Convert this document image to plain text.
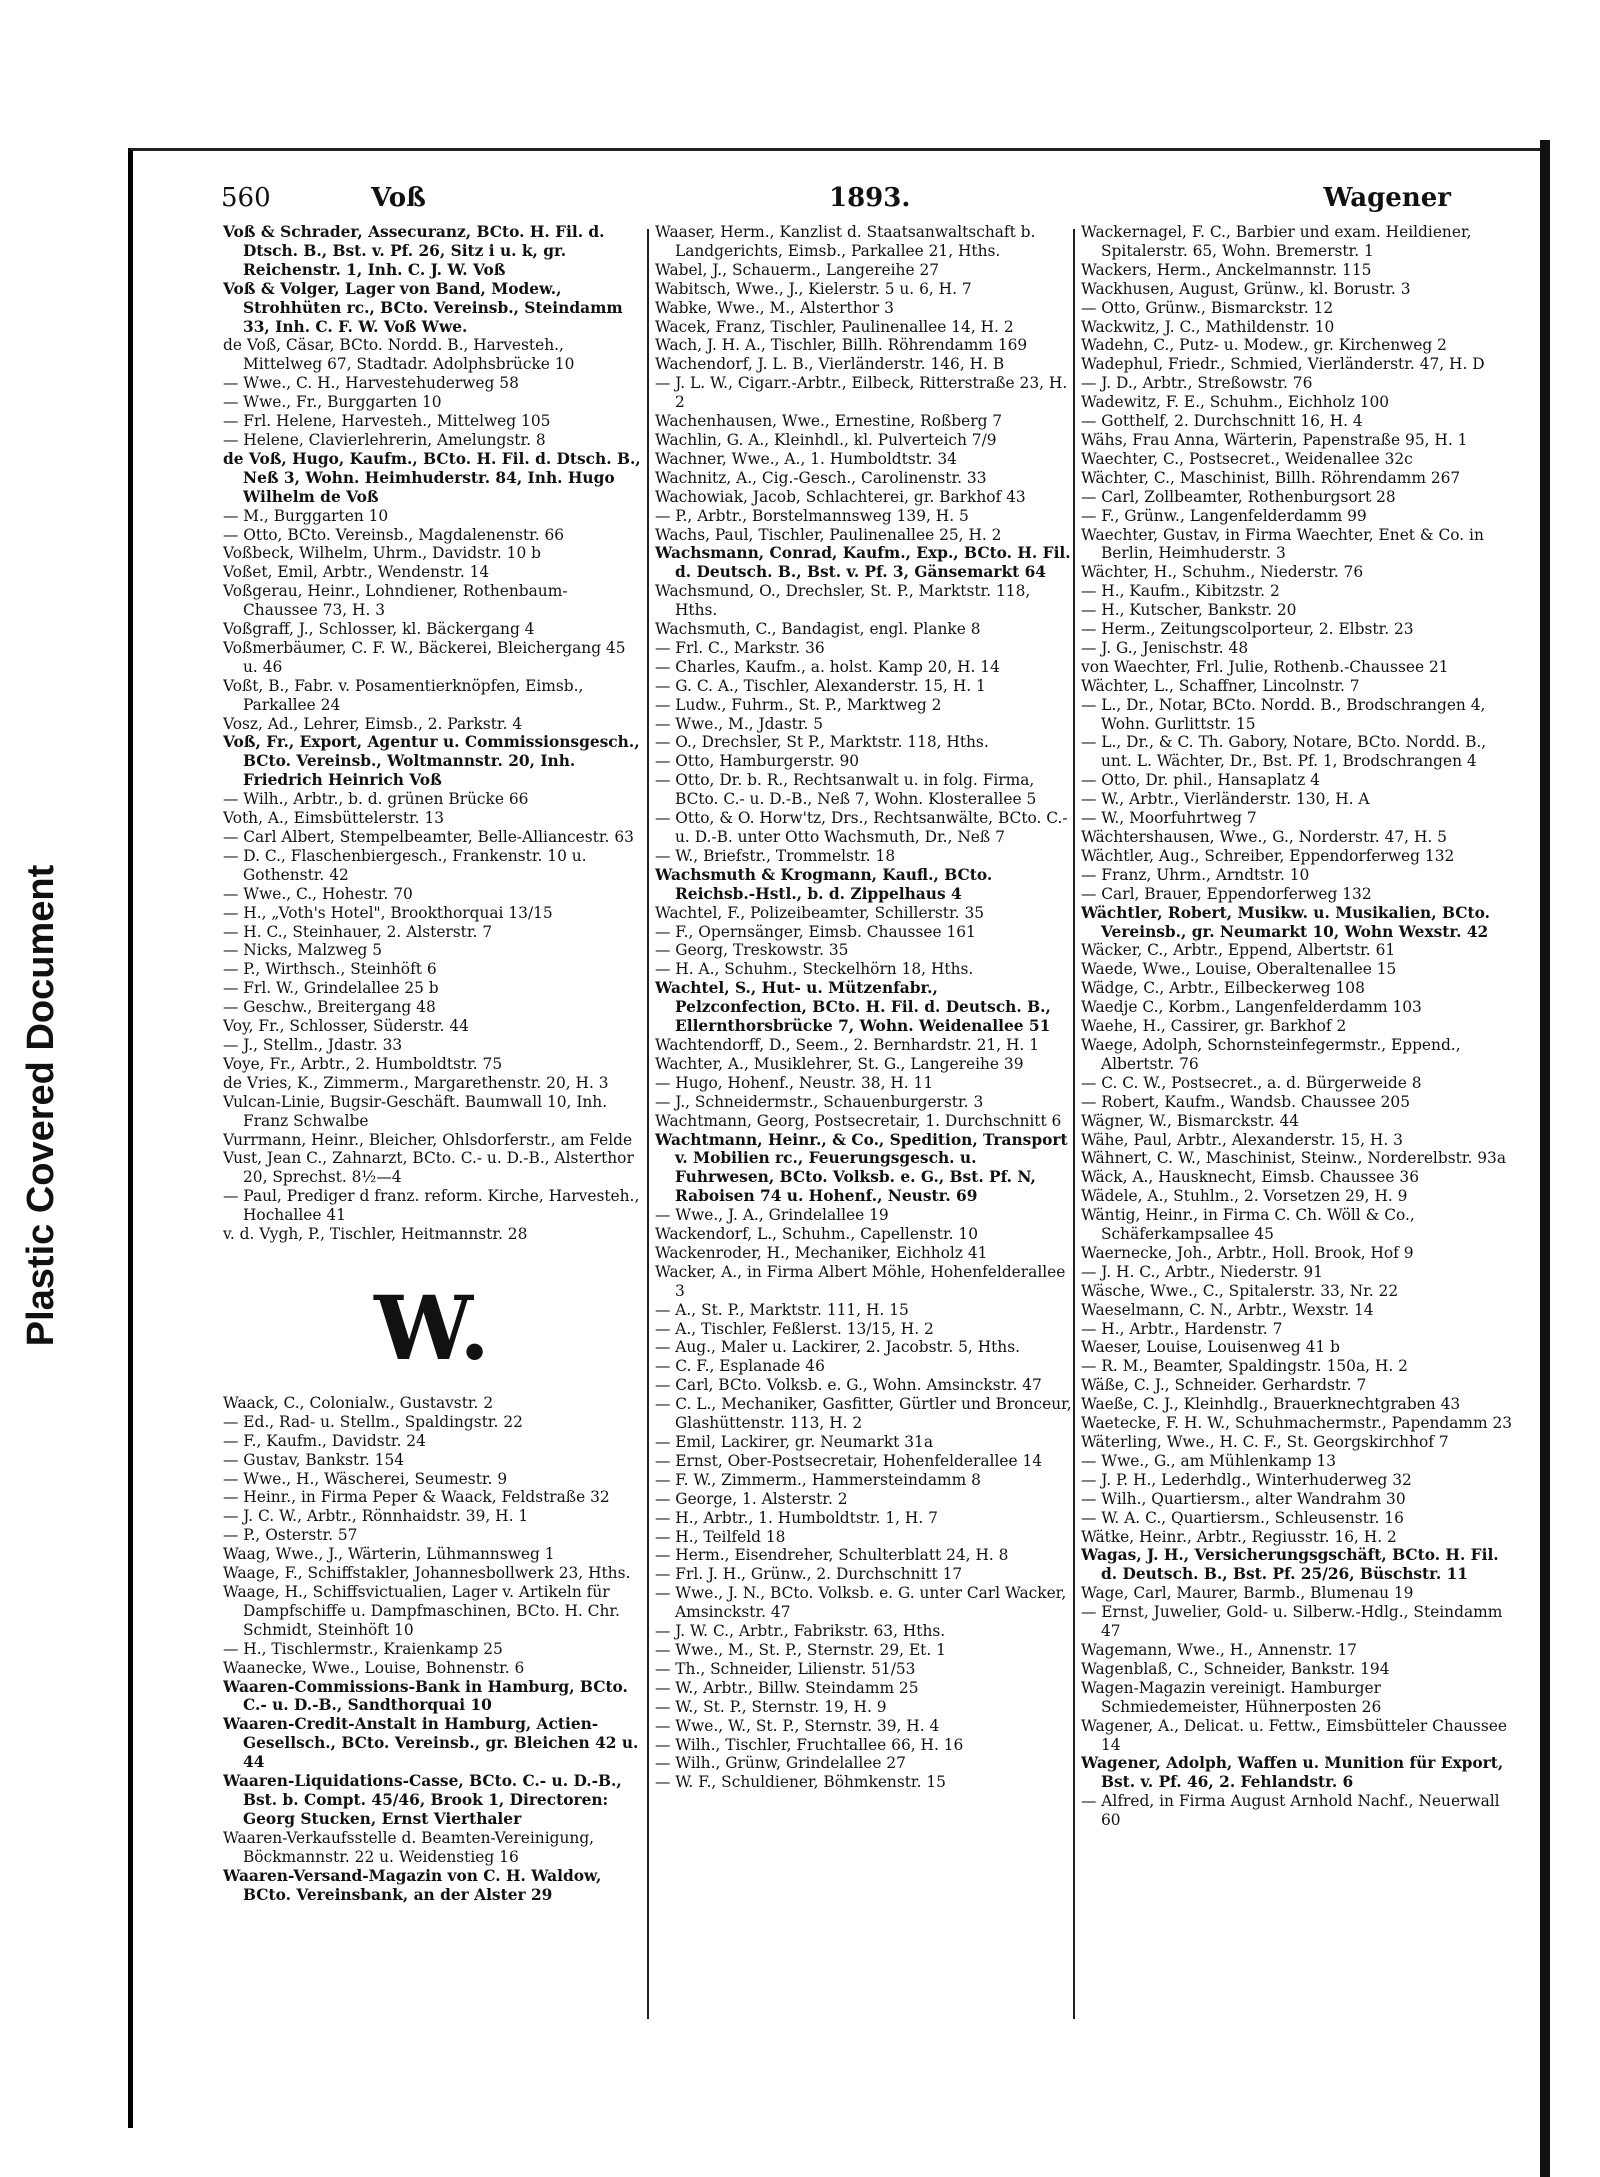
Plastic Covered Document
560	Voß	1893.	Wagener

Voß & Schrader, Assecuranz, BCto. H. Fil. d. Dtsch. B., Bst. v. Pf. 26, Sitz i u. k, gr. Reichenstr. 1, Inh. C. J. W. Voß

Voß & Volger, Lager von Band, Modew., Strohhüten rc., BCto. Vereinsb., Steindamm 33, Inh. C. F. W. Voß Wwe.

de Voß, Cäsar, BCto. Nordd. B., Harvesteh., Mittelweg 67, Stadtadr. Adolphsbrücke 10

— Wwe., C. H., Harvestehuderweg 58

— Wwe., Fr., Burggarten 10

— Frl. Helene, Harvesteh., Mittelweg 105

— Helene, Clavierlehrerin, Amelungstr. 8

de Voß, Hugo, Kaufm., BCto. H. Fil. d. Dtsch. B., Neß 3, Wohn. Heimhuderstr. 84, Inh. Hugo Wilhelm de Voß

— M., Burggarten 10

— Otto, BCto. Vereinsb., Magdalenenstr. 66

Voßbeck, Wilhelm, Uhrm., Davidstr. 10 b

Voßet, Emil, Arbtr., Wendenstr. 14

Voßgerau, Heinr., Lohndiener, Rothenbaum-Chaussee 73, H. 3

Voßgraff, J., Schlosser, kl. Bäckergang 4

Voßmerbäumer, C. F. W., Bäckerei, Bleichergang 45 u. 46

Voßt, B., Fabr. v. Posamentierknöpfen, Eimsb., Parkallee 24

Vosz, Ad., Lehrer, Eimsb., 2. Parkstr. 4

Voß, Fr., Export, Agentur u. Commissionsgesch., BCto. Vereinsb., Woltmannstr. 20, Inh. Friedrich Heinrich Voß

— Wilh., Arbtr., b. d. grünen Brücke 66

Voth, A., Eimsbüttelerstr. 13

— Carl Albert, Stempelbeamter, Belle-Alliancestr. 63

— D. C., Flaschenbiergesch., Frankenstr. 10 u. Gothenstr. 42

— Wwe., C., Hohestr. 70

— H., „Voth's Hotel", Brookthorquai 13/15

— H. C., Steinhauer, 2. Alsterstr. 7

— Nicks, Malzweg 5

— P., Wirthsch., Steinhöft 6

— Frl. W., Grindelallee 25 b

— Geschw., Breitergang 48

Voy, Fr., Schlosser, Süderstr. 44

— J., Stellm., Jdastr. 33

Voye, Fr., Arbtr., 2. Humboldtstr. 75

de Vries, K., Zimmerm., Margarethenstr. 20, H. 3

Vulcan-Linie, Bugsir-Geschäft. Baumwall 10, Inh. Franz Schwalbe

Vurrmann, Heinr., Bleicher, Ohlsdorferstr., am Felde

Vust, Jean C., Zahnarzt, BCto. C.- u. D.-B., Alsterthor 20, Sprechst. 8½—4

— Paul, Prediger d franz. reform. Kirche, Harvesteh., Hochallee 41

v. d. Vygh, P., Tischler, Heitmannstr. 28

W.

Waack, C., Colonialw., Gustavstr. 2

— Ed., Rad- u. Stellm., Spaldingstr. 22

— F., Kaufm., Davidstr. 24

— Gustav, Bankstr. 154

— Wwe., H., Wäscherei, Seumestr. 9

— Heinr., in Firma Peper & Waack, Feldstraße 32

— J. C. W., Arbtr., Rönnhaidstr. 39, H. 1

— P., Osterstr. 57

Waag, Wwe., J., Wärterin, Lühmannsweg 1

Waage, F., Schiffstakler, Johannesbollwerk 23, Hths.

Waage, H., Schiffsvictualien, Lager v. Artikeln für Dampfschiffe u. Dampfmaschinen, BCto. H. Chr. Schmidt, Steinhöft 10

— H., Tischlermstr., Kraienkamp 25

Waanecke, Wwe., Louise, Bohnenstr. 6

Waaren-Commissions-Bank in Hamburg, BCto. C.- u. D.-B., Sandthorquai 10

Waaren-Credit-Anstalt in Hamburg, Actien-Gesellsch., BCto. Vereinsb., gr. Bleichen 42 u. 44

Waaren-Liquidations-Casse, BCto. C.- u. D.-B., Bst. b. Compt. 45/46, Brook 1, Directoren: Georg Stucken, Ernst Vierthaler

Waaren-Verkaufsstelle d. Beamten-Vereinigung, Böckmannstr. 22 u. Weidenstieg 16

Waaren-Versand-Magazin von C. H. Waldow, BCto. Vereinsbank, an der Alster 29

Waaser, Herm., Kanzlist d. Staatsanwaltschaft b. Landgerichts, Eimsb., Parkallee 21, Hths.

Wabel, J., Schauerm., Langereihe 27

Wabitsch, Wwe., J., Kielerstr. 5 u. 6, H. 7

Wabke, Wwe., M., Alsterthor 3

Wacek, Franz, Tischler, Paulinenallee 14, H. 2

Wach, J. H. A., Tischler, Billh. Röhrendamm 169

Wachendorf, J. L. B., Vierländerstr. 146, H. B

— J. L. W., Cigarr.-Arbtr., Eilbeck, Ritterstraße 23, H. 2

Wachenhausen, Wwe., Ernestine, Roßberg 7

Wachlin, G. A., Kleinhdl., kl. Pulverteich 7/9

Wachner, Wwe., A., 1. Humboldtstr. 34

Wachnitz, A., Cig.-Gesch., Carolinenstr. 33

Wachowiak, Jacob, Schlachterei, gr. Barkhof 43

— P., Arbtr., Borstelmannsweg 139, H. 5

Wachs, Paul, Tischler, Paulinenallee 25, H. 2

Wachsmann, Conrad, Kaufm., Exp., BCto. H. Fil. d. Deutsch. B., Bst. v. Pf. 3, Gänsemarkt 64

Wachsmund, O., Drechsler, St. P., Marktstr. 118, Hths.

Wachsmuth, C., Bandagist, engl. Planke 8

— Frl. C., Markstr. 36

— Charles, Kaufm., a. holst. Kamp 20, H. 14

— G. C. A., Tischler, Alexanderstr. 15, H. 1

— Ludw., Fuhrm., St. P., Marktweg 2

— Wwe., M., Jdastr. 5

— O., Drechsler, St P., Marktstr. 118, Hths.

— Otto, Hamburgerstr. 90

— Otto, Dr. b. R., Rechtsanwalt u. in folg. Firma, BCto. C.- u. D.-B., Neß 7, Wohn. Klosterallee 5

— Otto, & O. Horw'tz, Drs., Rechtsanwälte, BCto. C.- u. D.-B. unter Otto Wachsmuth, Dr., Neß 7

— W., Briefstr., Trommelstr. 18

Wachsmuth & Krogmann, Kaufl., BCto. Reichsb.-Hstl., b. d. Zippelhaus 4

Wachtel, F., Polizeibeamter, Schillerstr. 35

— F., Opernsänger, Eimsb. Chaussee 161

— Georg, Treskowstr. 35

— H. A., Schuhm., Steckelhörn 18, Hths.

Wachtel, S., Hut- u. Mützenfabr., Pelzconfection, BCto. H. Fil. d. Deutsch. B., Ellernthorsbrücke 7, Wohn. Weidenallee 51

Wachtendorff, D., Seem., 2. Bernhardstr. 21, H. 1

Wachter, A., Musiklehrer, St. G., Langereihe 39

— Hugo, Hohenf., Neustr. 38, H. 11

— J., Schneidermstr., Schauenburgerstr. 3

Wachtmann, Georg, Postsecretair, 1. Durchschnitt 6

Wachtmann, Heinr., & Co., Spedition, Transport v. Mobilien rc., Feuerungsgesch. u. Fuhrwesen, BCto. Volksb. e. G., Bst. Pf. N, Raboisen 74 u. Hohenf., Neustr. 69

— Wwe., J. A., Grindelallee 19

Wackendorf, L., Schuhm., Capellenstr. 10

Wackenroder, H., Mechaniker, Eichholz 41

Wacker, A., in Firma Albert Möhle, Hohenfelderallee 3

— A., St. P., Marktstr. 111, H. 15

— A., Tischler, Feßlerst. 13/15, H. 2

— Aug., Maler u. Lackirer, 2. Jacobstr. 5, Hths.

— C. F., Esplanade 46

— Carl, BCto. Volksb. e. G., Wohn. Amsinckstr. 47

— C. L., Mechaniker, Gasfitter, Gürtler und Bronceur, Glashüttenstr. 113, H. 2

— Emil, Lackirer, gr. Neumarkt 31a

— Ernst, Ober-Postsecretair, Hohenfelderallee 14

— F. W., Zimmerm., Hammersteindamm 8

— George, 1. Alsterstr. 2

— H., Arbtr., 1. Humboldtstr. 1, H. 7

— H., Teilfeld 18

— Herm., Eisendreher, Schulterblatt 24, H. 8

— Frl. J. H., Grünw., 2. Durchschnitt 17

— Wwe., J. N., BCto. Volksb. e. G. unter Carl Wacker, Amsinckstr. 47

— J. W. C., Arbtr., Fabrikstr. 63, Hths.

— Wwe., M., St. P., Sternstr. 29, Et. 1

— Th., Schneider, Lilienstr. 51/53

— W., Arbtr., Billw. Steindamm 25

— W., St. P., Sternstr. 19, H. 9

— Wwe., W., St. P., Sternstr. 39, H. 4

— Wilh., Tischler, Fruchtallee 66, H. 16

— Wilh., Grünw, Grindelallee 27

— W. F., Schuldiener, Böhmkenstr. 15

Wackernagel, F. C., Barbier und exam. Heildiener, Spitalerstr. 65, Wohn. Bremerstr. 1

Wackers, Herm., Anckelmannstr. 115

Wackhusen, August, Grünw., kl. Borustr. 3

— Otto, Grünw., Bismarckstr. 12

Wackwitz, J. C., Mathildenstr. 10

Wadehn, C., Putz- u. Modew., gr. Kirchenweg 2

Wadephul, Friedr., Schmied, Vierländerstr. 47, H. D

— J. D., Arbtr., Streßowstr. 76

Wadewitz, F. E., Schuhm., Eichholz 100

— Gotthelf, 2. Durchschnitt 16, H. 4

Wähs, Frau Anna, Wärterin, Papenstraße 95, H. 1

Waechter, C., Postsecret., Weidenallee 32c

Wächter, C., Maschinist, Billh. Röhrendamm 267

— Carl, Zollbeamter, Rothenburgsort 28

— F., Grünw., Langenfelderdamm 99

Waechter, Gustav, in Firma Waechter, Enet & Co. in Berlin, Heimhuderstr. 3

Wächter, H., Schuhm., Niederstr. 76

— H., Kaufm., Kibitzstr. 2

— H., Kutscher, Bankstr. 20

— Herm., Zeitungscolporteur, 2. Elbstr. 23

— J. G., Jenischstr. 48

von Waechter, Frl. Julie, Rothenb.-Chaussee 21

Wächter, L., Schaffner, Lincolnstr. 7

— L., Dr., Notar, BCto. Nordd. B., Brodschrangen 4, Wohn. Gurlittstr. 15

— L., Dr., & C. Th. Gabory, Notare, BCto. Nordd. B., unt. L. Wächter, Dr., Bst. Pf. 1, Brodschrangen 4

— Otto, Dr. phil., Hansaplatz 4

— W., Arbtr., Vierländerstr. 130, H. A

— W., Moorfuhrtweg 7

Wächtershausen, Wwe., G., Norderstr. 47, H. 5

Wächtler, Aug., Schreiber, Eppendorferweg 132

— Franz, Uhrm., Arndtstr. 10

— Carl, Brauer, Eppendorferweg 132

Wächtler, Robert, Musikw. u. Musikalien, BCto. Vereinsb., gr. Neumarkt 10, Wohn Wexstr. 42

Wäcker, C., Arbtr., Eppend, Albertstr. 61

Waede, Wwe., Louise, Oberaltenallee 15

Wädge, C., Arbtr., Eilbeckerweg 108

Waedje C., Korbm., Langenfelderdamm 103

Waehe, H., Cassirer, gr. Barkhof 2

Waege, Adolph, Schornsteinfegermstr., Eppend., Albertstr. 76

— C. C. W., Postsecret., a. d. Bürgerweide 8

— Robert, Kaufm., Wandsb. Chaussee 205

Wägner, W., Bismarckstr. 44

Wähe, Paul, Arbtr., Alexanderstr. 15, H. 3

Wähnert, C. W., Maschinist, Steinw., Norderelbstr. 93a

Wäck, A., Hausknecht, Eimsb. Chaussee 36

Wädele, A., Stuhlm., 2. Vorsetzen 29, H. 9

Wäntig, Heinr., in Firma C. Ch. Wöll & Co., Schäferkampsallee 45

Waernecke, Joh., Arbtr., Holl. Brook, Hof 9

— J. H. C., Arbtr., Niederstr. 91

Wäsche, Wwe., C., Spitalerstr. 33, Nr. 22

Waeselmann, C. N., Arbtr., Wexstr. 14

— H., Arbtr., Hardenstr. 7

Waeser, Louise, Louisenweg 41 b

— R. M., Beamter, Spaldingstr. 150a, H. 2

Wäße, C. J., Schneider. Gerhardstr. 7

Waeße, C. J., Kleinhdlg., Brauerknechtgraben 43

Waetecke, F. H. W., Schuhmachermstr., Papendamm 23

Wäterling, Wwe., H. C. F., St. Georgskirchhof 7

— Wwe., G., am Mühlenkamp 13

— J. P. H., Lederhdlg., Winterhuderweg 32

— Wilh., Quartiersm., alter Wandrahm 30

— W. A. C., Quartiersm., Schleusenstr. 16

Wätke, Heinr., Arbtr., Regiusstr. 16, H. 2

Wagas, J. H., Versicherungsgschäft, BCto. H. Fil. d. Deutsch. B., Bst. Pf. 25/26, Büschstr. 11

Wage, Carl, Maurer, Barmb., Blumenau 19

— Ernst, Juwelier, Gold- u. Silberw.-Hdlg., Steindamm 47

Wagemann, Wwe., H., Annenstr. 17

Wagenblaß, C., Schneider, Bankstr. 194

Wagen-Magazin vereinigt. Hamburger Schmiedemeister, Hühnerposten 26

Wagener, A., Delicat. u. Fettw., Eimsbütteler Chaussee 14

Wagener, Adolph, Waffen u. Munition für Export, Bst. v. Pf. 46, 2. Fehlandstr. 6

— Alfred, in Firma August Arnhold Nachf., Neuerwall 60
